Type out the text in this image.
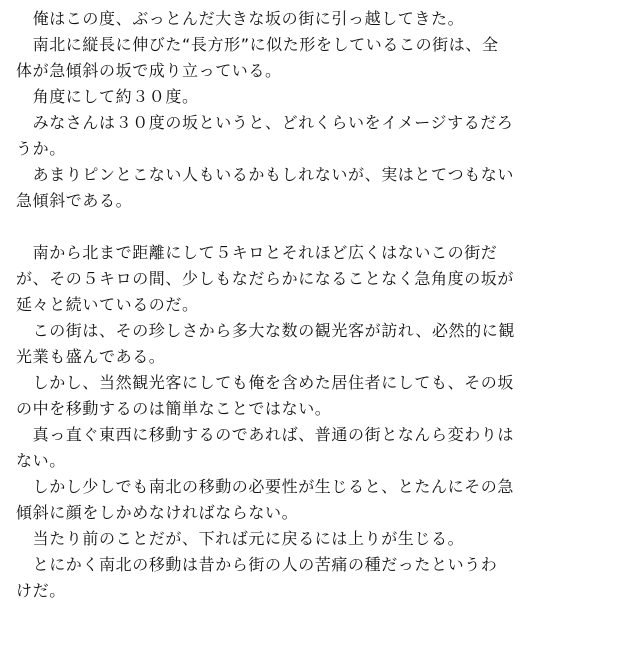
　俺はこの度、ぶっとんだ大きな坂の街に引っ越してきた。
　南北に縦長に伸びた“長方形”に似た形をしているこの街は、全
体が急傾斜の坂で成り立っている。
　角度にして約３０度。
　みなさんは３０度の坂というと、どれくらいをイメージするだろ
うか。
　あまりピンとこない人もいるかもしれないが、実はとてつもない
急傾斜である。
　南から北まで距離にして５キロとそれほど広くはないこの街だ
が、その５キロの間、少しもなだらかになることなく急角度の坂が
延々と続いているのだ。
　この街は、その珍しさから多大な数の観光客が訪れ、必然的に観
光業も盛んである。
　しかし、当然観光客にしても俺を含めた居住者にしても、その坂
の中を移動するのは簡単なことではない。
　真っ直ぐ東西に移動するのであれば、普通の街となんら変わりは
ない。
　しかし少しでも南北の移動の必要性が生じると、とたんにその急
傾斜に顔をしかめなければならない。
　当たり前のことだが、下れば元に戻るには上りが生じる。
　とにかく南北の移動は昔から街の人の苦痛の種だったというわ
けだ。
